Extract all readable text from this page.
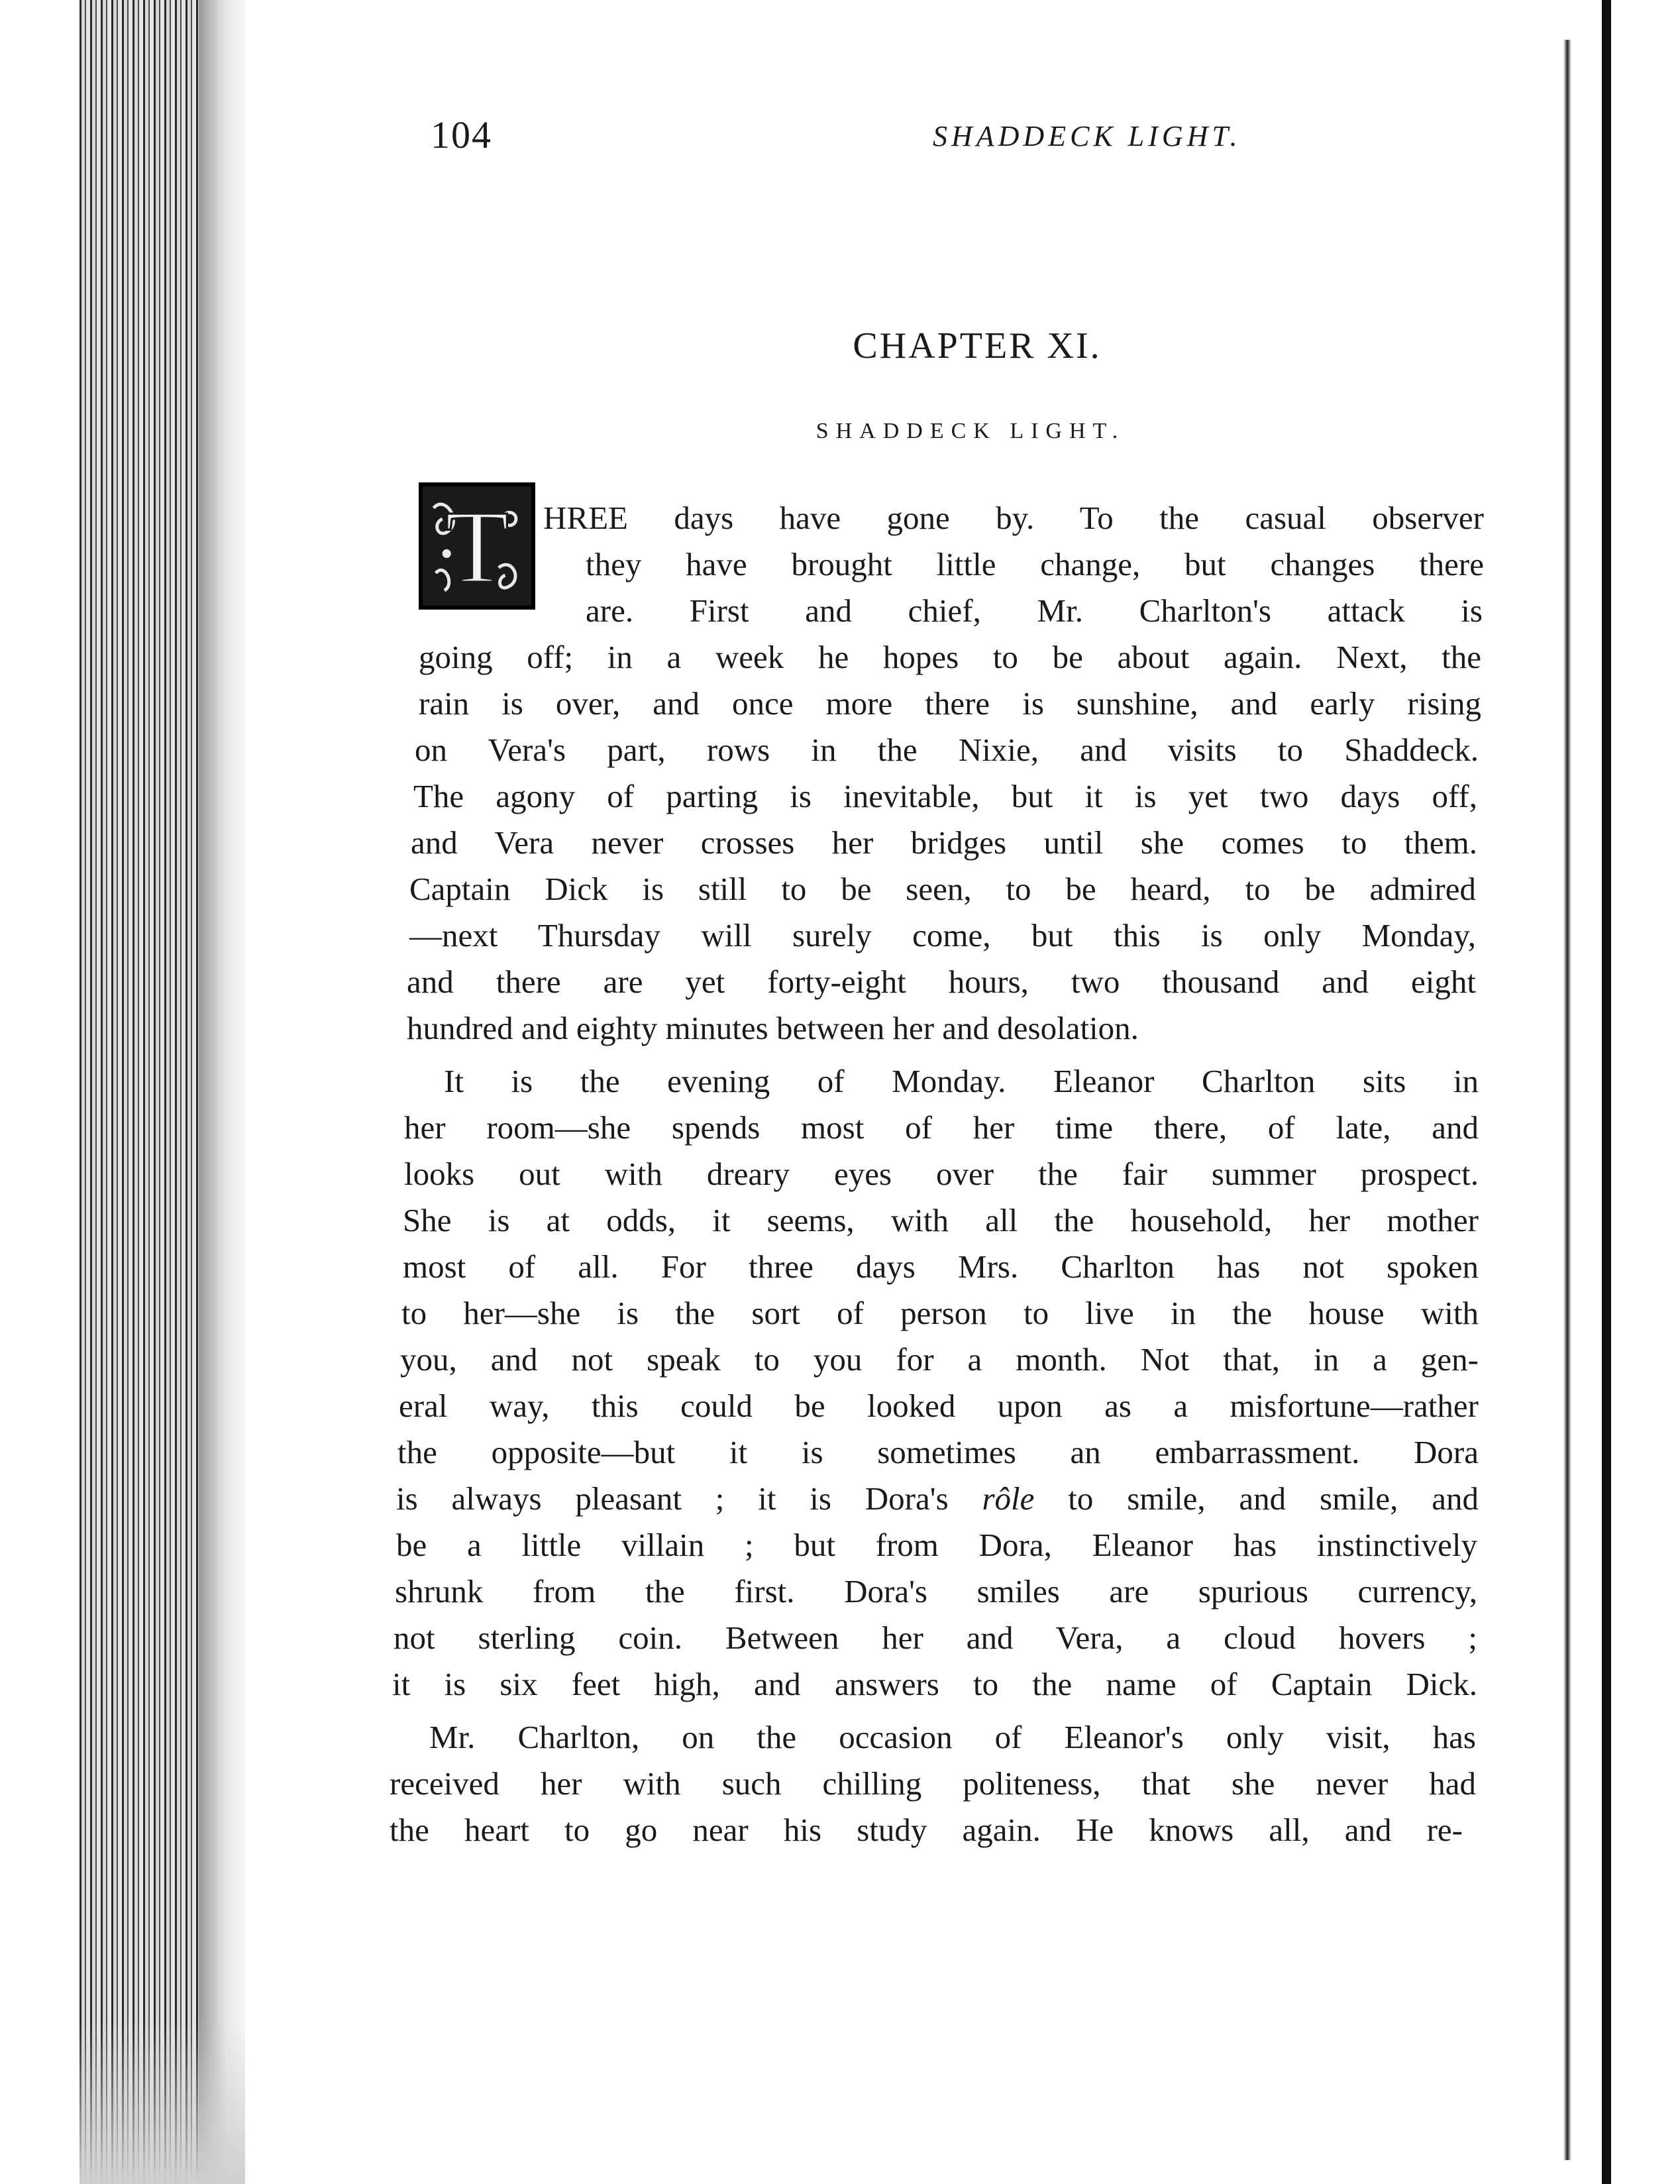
104	SHADDECK LIGHT.
CHAPTER XI.
SHADDECK LIGHT.
T HREE days have gone by. To the casual observer
they have brought little change, but changes there
are. First and chief, Mr. Charlton's attack is
going off; in a week he hopes to be about again. Next, the
rain is over, and once more there is sunshine, and early rising
on Vera's part, rows in the Nixie, and visits to Shaddeck.
The agony of parting is inevitable, but it is yet two days off,
and Vera never crosses her bridges until she comes to them.
Captain Dick is still to be seen, to be heard, to be admired
—next Thursday will surely come, but this is only Monday,
and there are yet forty-eight hours, two thousand and eight
hundred and eighty minutes between her and desolation.
It is the evening of Monday. Eleanor Charlton sits in
her room—she spends most of her time there, of late, and
looks out with dreary eyes over the fair summer prospect.
She is at odds, it seems, with all the household, her mother
most of all. For three days Mrs. Charlton has not spoken
to her—she is the sort of person to live in the house with
you, and not speak to you for a month. Not that, in a gen-
eral way, this could be looked upon as a misfortune—rather
the opposite—but it is sometimes an embarrassment. Dora
is always pleasant ; it is Dora's rôle to smile, and smile, and
be a little villain ; but from Dora, Eleanor has instinctively
shrunk from the first. Dora's smiles are spurious currency,
not sterling coin. Between her and Vera, a cloud hovers ;
it is six feet high, and answers to the name of Captain Dick.
Mr. Charlton, on the occasion of Eleanor's only visit, has
received her with such chilling politeness, that she never had
the heart to go near his study again. He knows all, and re-
